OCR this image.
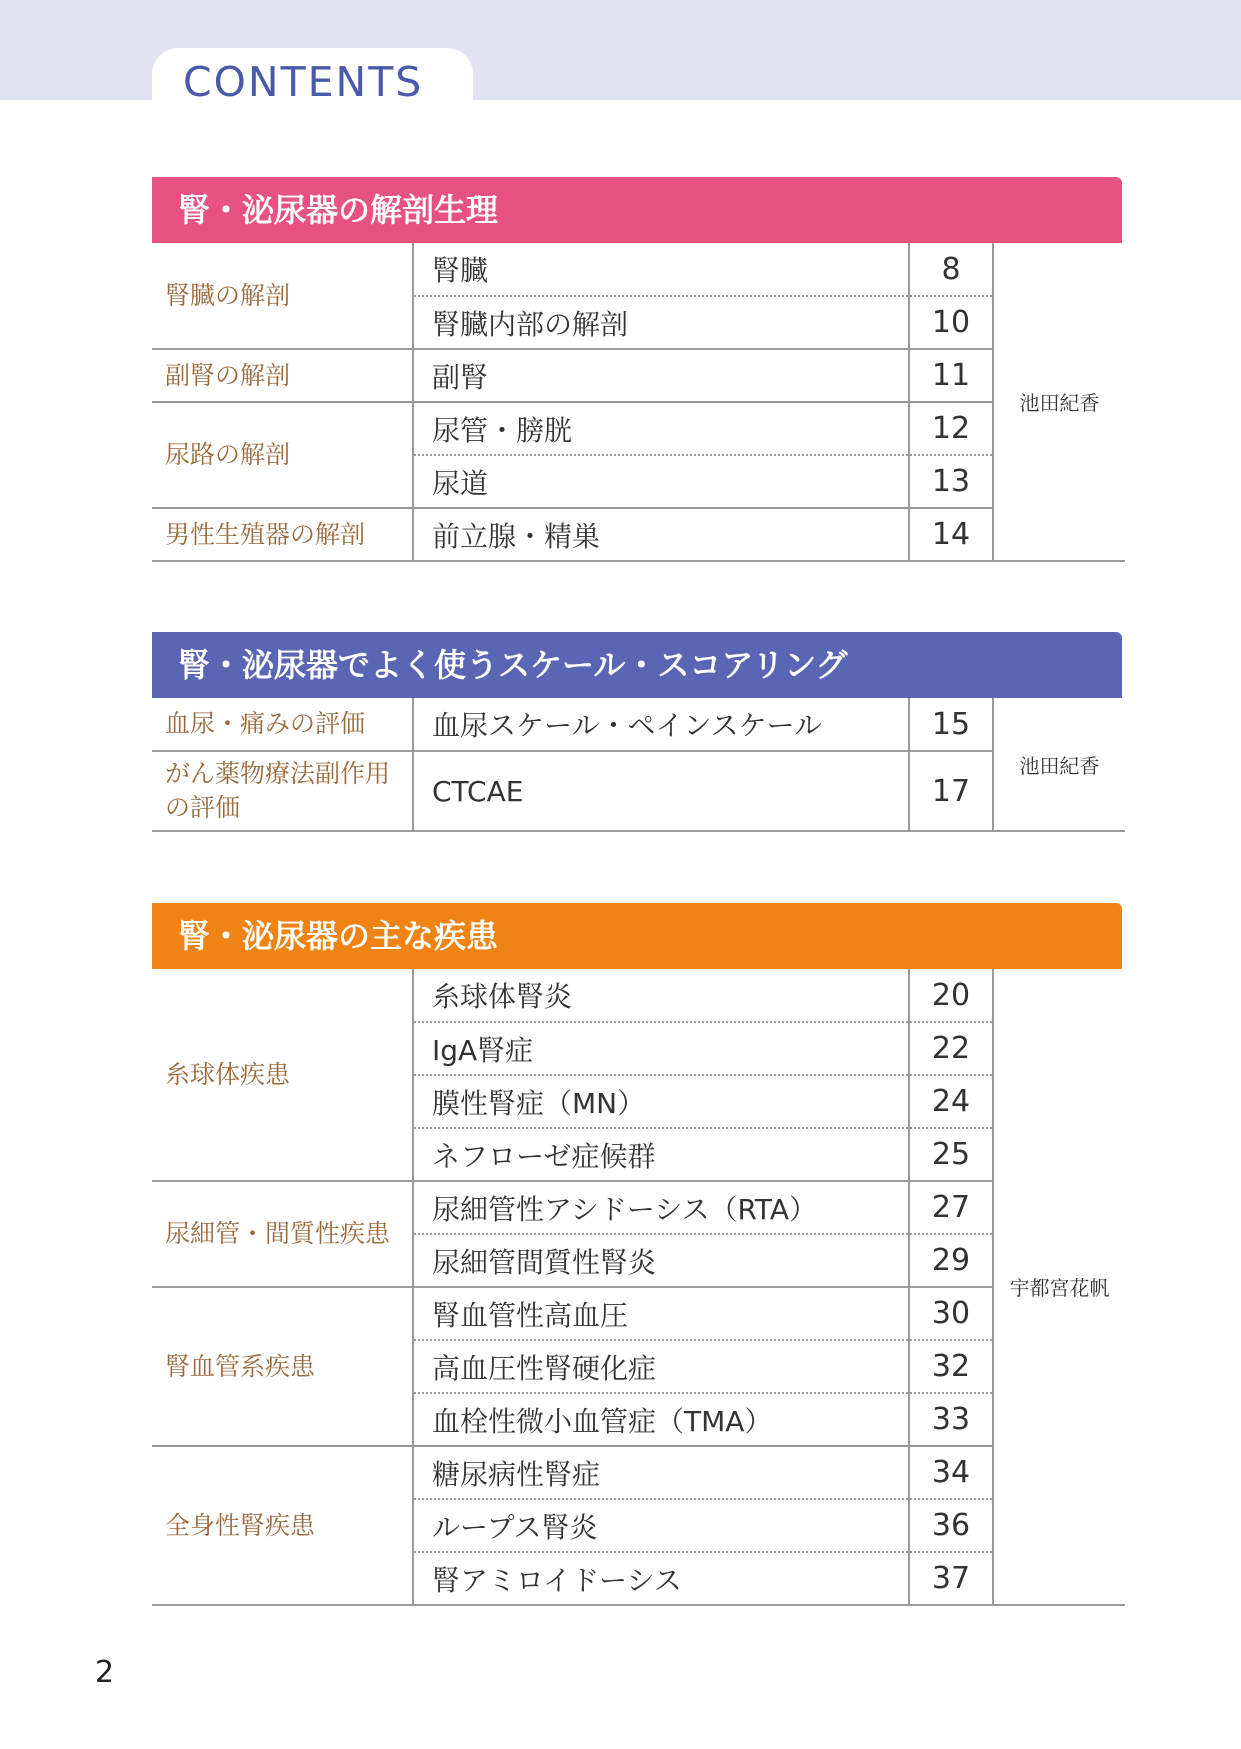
CONTENTS
腎・泌尿器の解剖生理
腎臓の解剖	腎臓	8	池田紀香
	腎臓内部の解剖	10	
副腎の解剖	副腎	11	
尿路の解剖	尿管・膀胱	12	
	尿道	13	
男性生殖器の解剖	前立腺・精巣	14	
腎・泌尿器でよく使うスケール・スコアリング
血尿・痛みの評価	血尿スケール・ペインスケール	15	池田紀香
がん薬物療法副作用の評価	CTCAE	17	
腎・泌尿器の主な疾患
糸球体疾患	糸球体腎炎	20	宇都宮花帆
	IgA腎症	22	
	膜性腎症（MN）	24	
	ネフローゼ症候群	25	
尿細管・間質性疾患	尿細管性アシドーシス（RTA）	27	
	尿細管間質性腎炎	29	
腎血管系疾患	腎血管性高血圧	30	
	高血圧性腎硬化症	32	
	血栓性微小血管症（TMA）	33	
全身性腎疾患	糖尿病性腎症	34	
	ループス腎炎	36	
	腎アミロイドーシス	37	
2
